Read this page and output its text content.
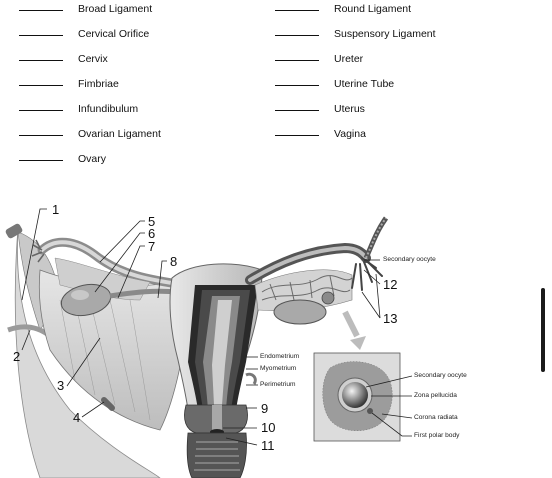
Broad Ligament
Cervical Orifice
Cervix
Fimbriae
Infundibulum
Ovarian Ligament
Ovary
Round Ligament
Suspensory Ligament
Ureter
Uterine Tube
Uterus
Vagina
1
2
3
4
5
6
7
8
9
10
11
12
13
Endometrium
Myometrium
Perimetrium
Secondary oocyte
Secondary oocyte
Zona pellucida
Corona radiata
First polar body
